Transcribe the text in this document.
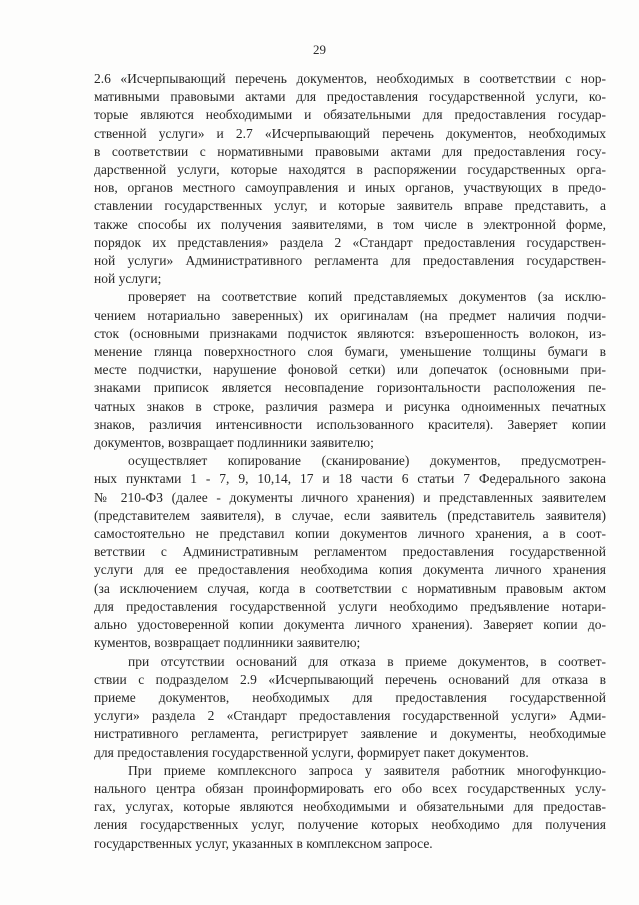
29
2.6 «Исчерпывающий перечень документов, необходимых в соответствии с нор-
мативными правовыми актами для предоставления государственной услуги, ко-
торые являются необходимыми и обязательными для предоставления государ-
ственной услуги» и 2.7 «Исчерпывающий перечень документов, необходимых
в соответствии с нормативными правовыми актами для предоставления госу-
дарственной услуги, которые находятся в распоряжении государственных орга-
нов, органов местного самоуправления и иных органов, участвующих в предо-
ставлении государственных услуг, и которые заявитель вправе представить, а
также способы их получения заявителями, в том числе в электронной форме,
порядок их представления» раздела 2 «Стандарт предоставления государствен-
ной услуги» Административного регламента для предоставления государствен-
ной услуги;
проверяет на соответствие копий представляемых документов (за исклю-
чением нотариально заверенных) их оригиналам (на предмет наличия подчи-
сток (основными признаками подчисток являются: взъерошенность волокон, из-
менение глянца поверхностного слоя бумаги, уменьшение толщины бумаги в
месте подчистки, нарушение фоновой сетки) или допечаток (основными при-
знаками приписок является несовпадение горизонтальности расположения пе-
чатных знаков в строке, различия размера и рисунка одноименных печатных
знаков, различия интенсивности использованного красителя). Заверяет копии
документов, возвращает подлинники заявителю;
осуществляет копирование (сканирование) документов, предусмотрен-
ных пунктами 1 - 7, 9, 10,14, 17 и 18 части 6 статьи 7 Федерального закона
№ 210-ФЗ (далее - документы личного хранения) и представленных заявителем
(представителем заявителя), в случае, если заявитель (представитель заявителя)
самостоятельно не представил копии документов личного хранения, а в соот-
ветствии с Административным регламентом предоставления государственной
услуги для ее предоставления необходима копия документа личного хранения
(за исключением случая, когда в соответствии с нормативным правовым актом
для предоставления государственной услуги необходимо предъявление нотари-
ально удостоверенной копии документа личного хранения). Заверяет копии до-
кументов, возвращает подлинники заявителю;
при отсутствии оснований для отказа в приеме документов, в соответ-
ствии с подразделом 2.9 «Исчерпывающий перечень оснований для отказа в
приеме документов, необходимых для предоставления государственной
услуги» раздела 2 «Стандарт предоставления государственной услуги» Адми-
нистративного регламента, регистрирует заявление и документы, необходимые
для предоставления государственной услуги, формирует пакет документов.
При приеме комплексного запроса у заявителя работник многофункцио-
нального центра обязан проинформировать его обо всех государственных услу-
гах, услугах, которые являются необходимыми и обязательными для предостав-
ления государственных услуг, получение которых необходимо для получения
государственных услуг, указанных в комплексном запросе.
